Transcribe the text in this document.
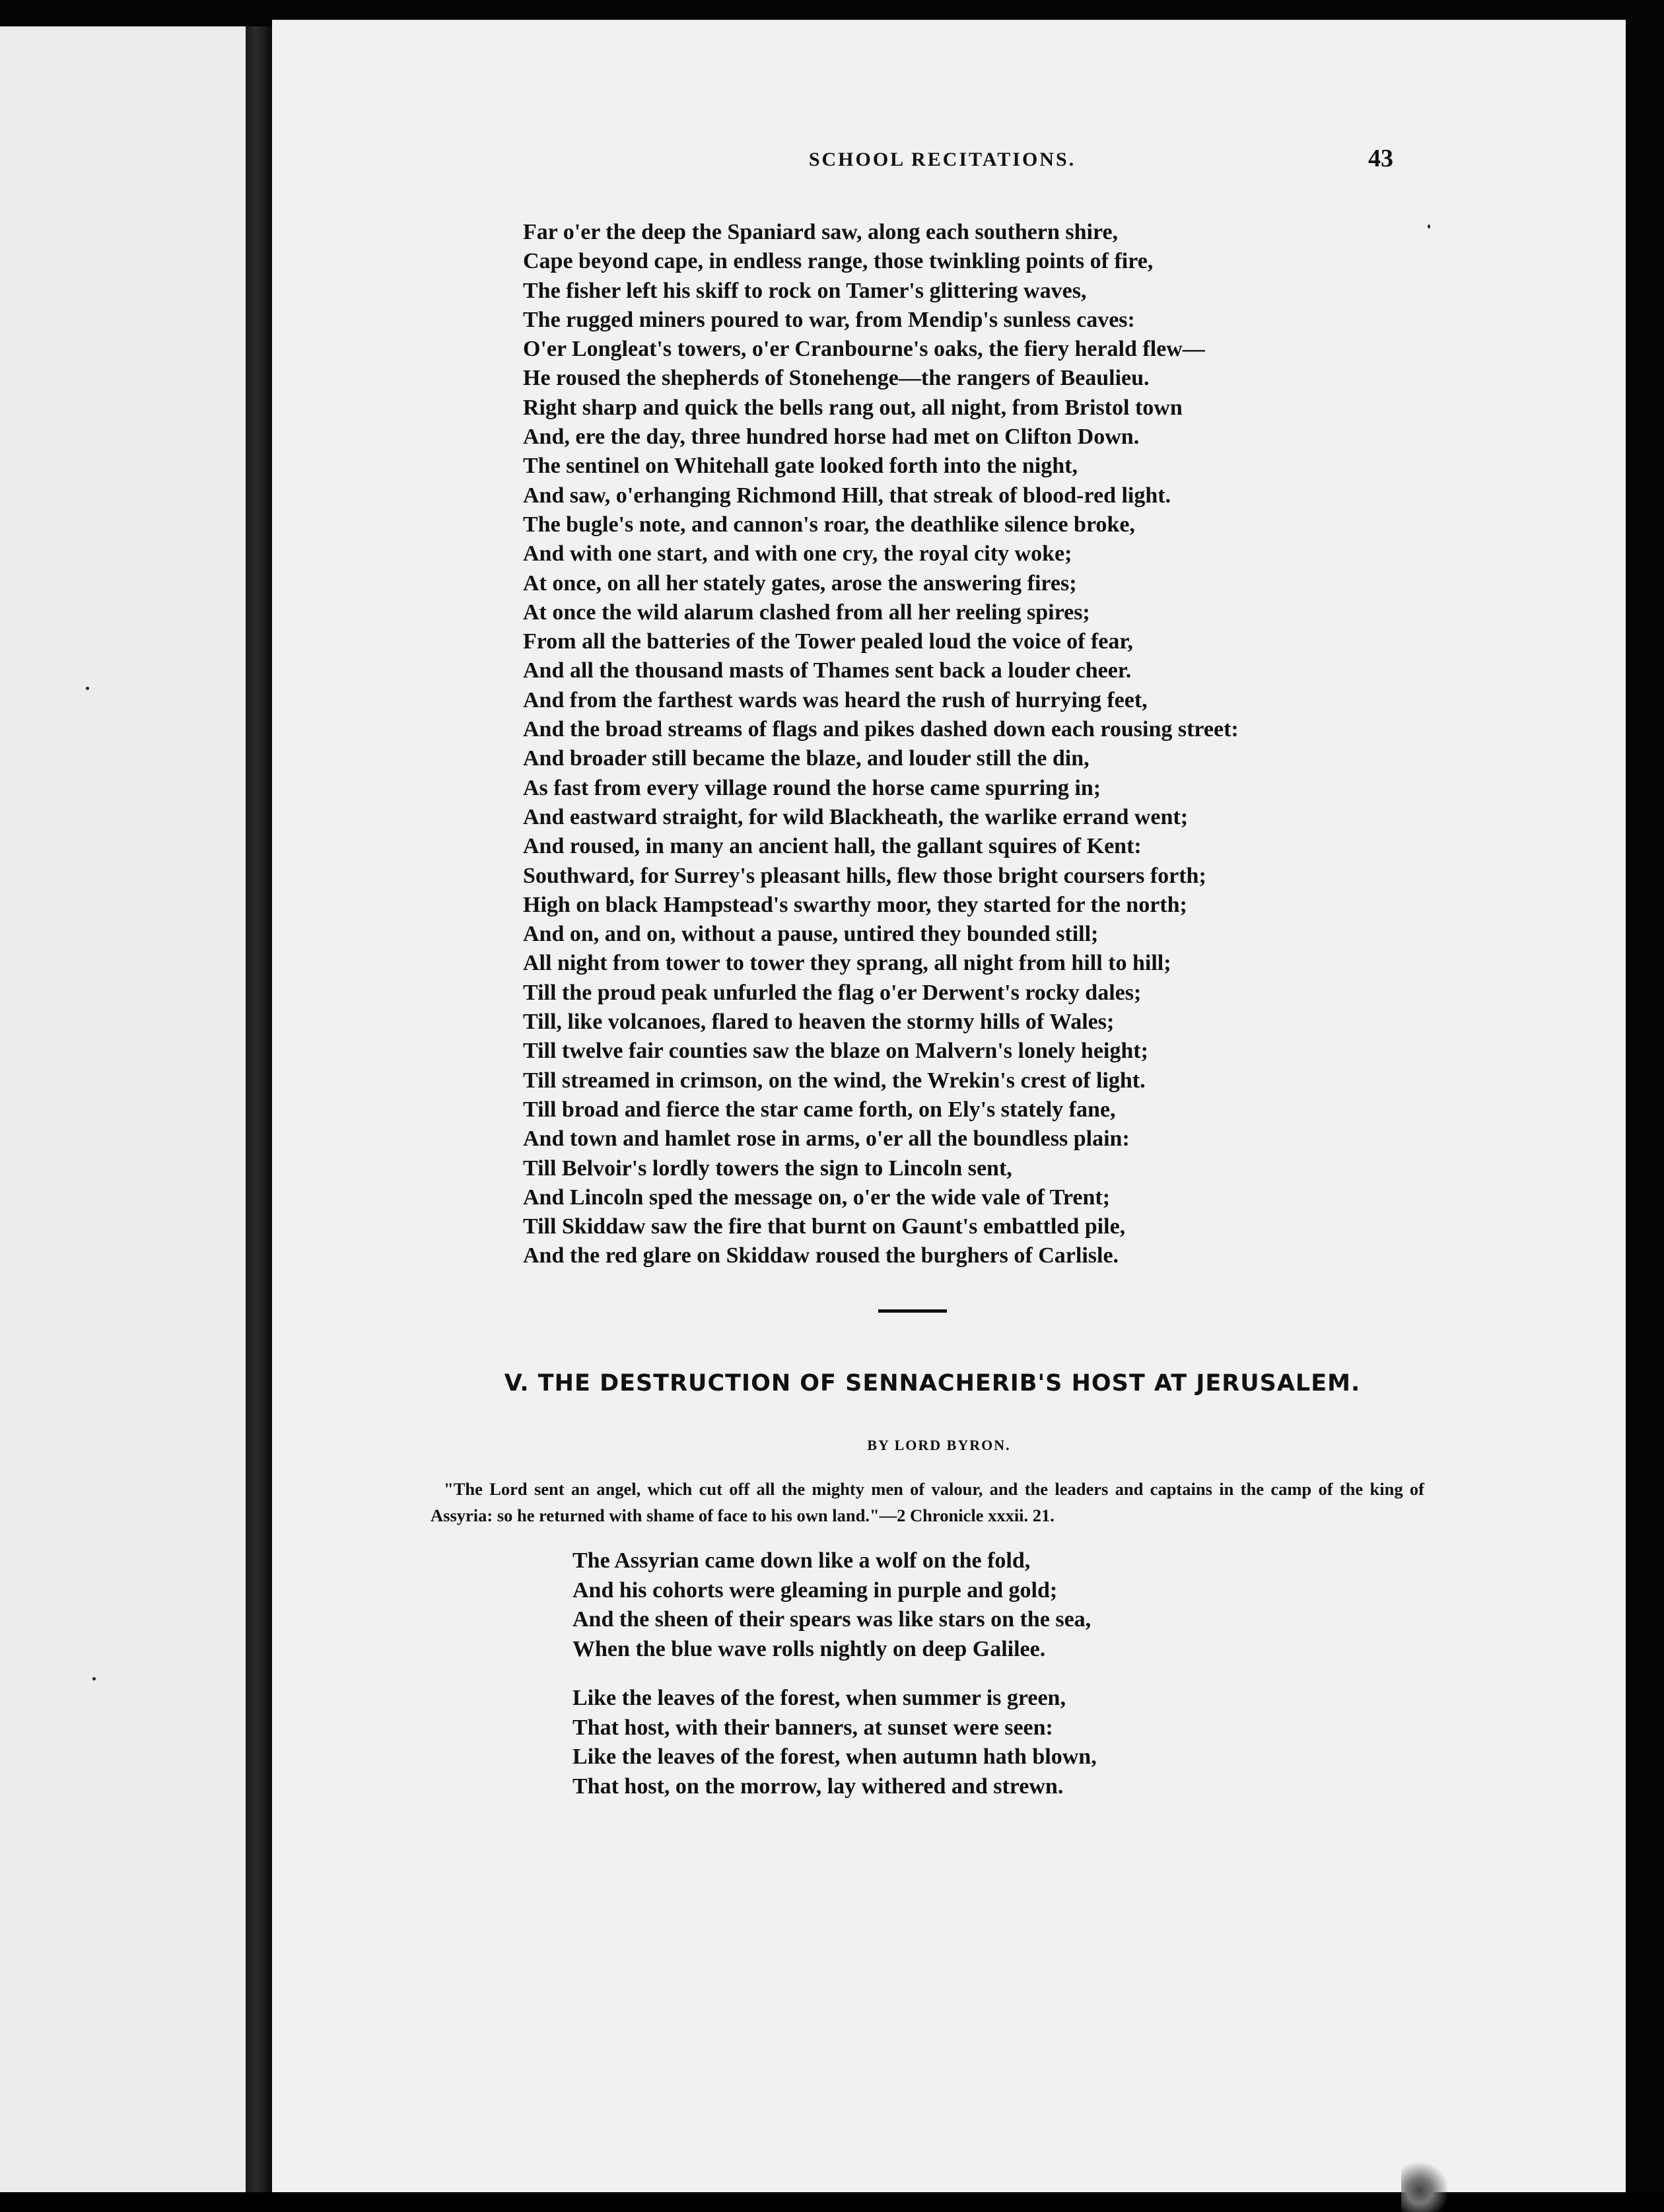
SCHOOL RECITATIONS.	43
Far o'er the deep the Spaniard saw, along each southern shire,
Cape beyond cape, in endless range, those twinkling points of fire,
The fisher left his skiff to rock on Tamer's glittering waves,
The rugged miners poured to war, from Mendip's sunless caves:
O'er Longleat's towers, o'er Cranbourne's oaks, the fiery herald flew—
He roused the shepherds of Stonehenge—the rangers of Beaulieu.
Right sharp and quick the bells rang out, all night, from Bristol town
And, ere the day, three hundred horse had met on Clifton Down.
The sentinel on Whitehall gate looked forth into the night,
And saw, o'erhanging Richmond Hill, that streak of blood-red light.
The bugle's note, and cannon's roar, the deathlike silence broke,
And with one start, and with one cry, the royal city woke;
At once, on all her stately gates, arose the answering fires;
At once the wild alarum clashed from all her reeling spires;
From all the batteries of the Tower pealed loud the voice of fear,
And all the thousand masts of Thames sent back a louder cheer.
And from the farthest wards was heard the rush of hurrying feet,
And the broad streams of flags and pikes dashed down each rousing street:
And broader still became the blaze, and louder still the din,
As fast from every village round the horse came spurring in;
And eastward straight, for wild Blackheath, the warlike errand went;
And roused, in many an ancient hall, the gallant squires of Kent:
Southward, for Surrey's pleasant hills, flew those bright coursers forth;
High on black Hampstead's swarthy moor, they started for the north;
And on, and on, without a pause, untired they bounded still;
All night from tower to tower they sprang, all night from hill to hill;
Till the proud peak unfurled the flag o'er Derwent's rocky dales;
Till, like volcanoes, flared to heaven the stormy hills of Wales;
Till twelve fair counties saw the blaze on Malvern's lonely height;
Till streamed in crimson, on the wind, the Wrekin's crest of light.
Till broad and fierce the star came forth, on Ely's stately fane,
And town and hamlet rose in arms, o'er all the boundless plain:
Till Belvoir's lordly towers the sign to Lincoln sent,
And Lincoln sped the message on, o'er the wide vale of Trent;
Till Skiddaw saw the fire that burnt on Gaunt's embattled pile,
And the red glare on Skiddaw roused the burghers of Carlisle.
V. THE DESTRUCTION OF SENNACHERIB'S HOST AT JERUSALEM.
BY LORD BYRON.
"The Lord sent an angel, which cut off all the mighty men of valour, and the leaders and captains in the camp of the king of Assyria: so he returned with shame of face to his own land."—2 Chronicle xxxii. 21.
The Assyrian came down like a wolf on the fold,
And his cohorts were gleaming in purple and gold;
And the sheen of their spears was like stars on the sea,
When the blue wave rolls nightly on deep Galilee.
Like the leaves of the forest, when summer is green,
That host, with their banners, at sunset were seen:
Like the leaves of the forest, when autumn hath blown,
That host, on the morrow, lay withered and strewn.
